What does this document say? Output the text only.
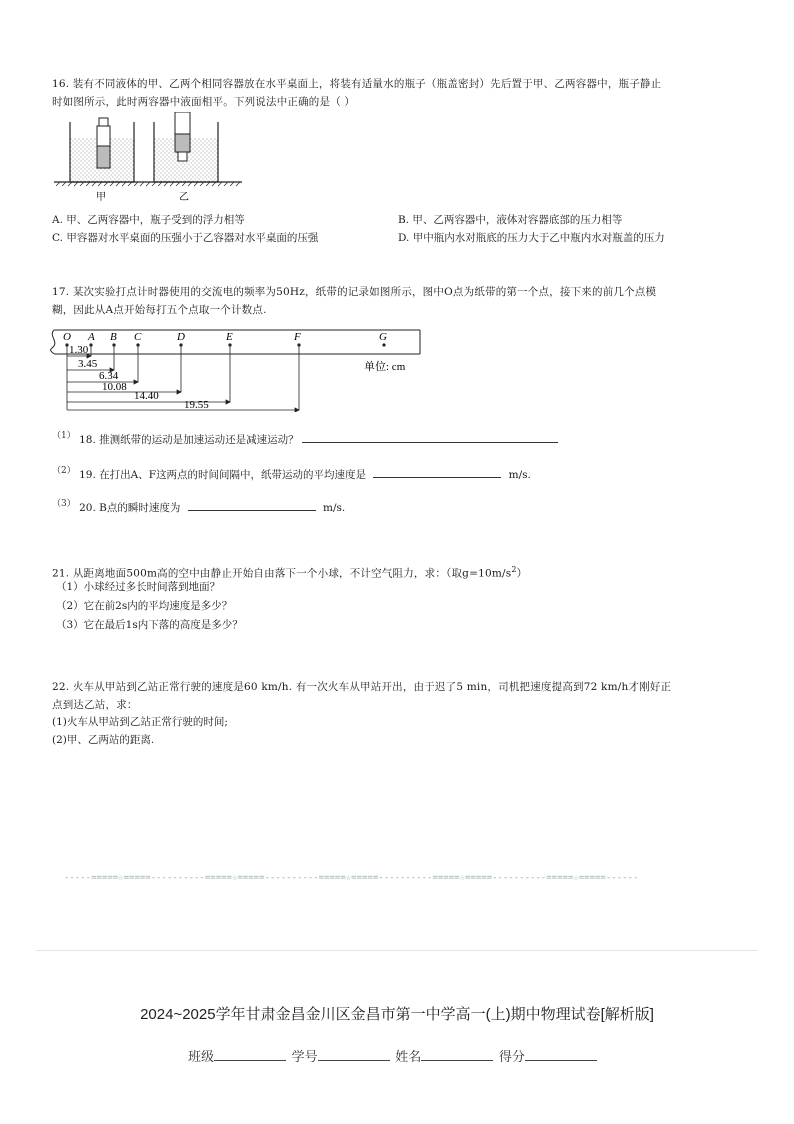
16. 装有不同液体的甲、乙两个相同容器放在水平桌面上，将装有适量水的瓶子（瓶盖密封）先后置于甲、乙两容器中，瓶子静止
时如图所示，此时两容器中液面相平。下列说法中正确的是（ ）
甲	乙
A. 甲、乙两容器中，瓶子受到的浮力相等	B. 甲、乙两容器中，液体对容器底部的压力相等
C. 甲容器对水平桌面的压强小于乙容器对水平桌面的压强	D. 甲中瓶内水对瓶底的压力大于乙中瓶内水对瓶盖的压力
17. 某次实验打点计时器使用的交流电的频率为50Hz，纸带的记录如图所示，图中O点为纸带的第一个点，接下来的前几个点模
糊，因此从A点开始每打五个点取一个计数点.
O A B C	D	E	F	G
1.30
3.45
6.34
10.08
14.40
19.55
单位: cm
（1） 18. 推测纸带的运动是加速运动还是减速运动？
（2） 19. 在打出A、F这两点的时间间隔中，纸带运动的平均速度是	m/s.
（3） 20. B点的瞬时速度为	m/s.
21. 从距离地面500m高的空中由静止开始自由落下一个小球，不计空气阻力，求：（取$g=10m/s^2$）
（1）小球经过多长时间落到地面？
（2）它在前2s内的平均速度是多少？
（3）它在最后1s内下落的高度是多少？
22. 火车从甲站到乙站正常行驶的速度是60 km/h. 有一次火车从甲站开出，由于迟了5 min，司机把速度提高到72 km/h才刚好正
点到达乙站，求：
(1)火车从甲站到乙站正常行驶的时间;
(2)甲、乙两站的距离.
-----=====☆=====----------=====☆=====----------=====☆=====----------=====☆=====----------=====☆=====------
2024~2025学年甘肃金昌金川区金昌市第一中学高一(上)期中物理试卷[解析版]
班级	学号	姓名	得分
